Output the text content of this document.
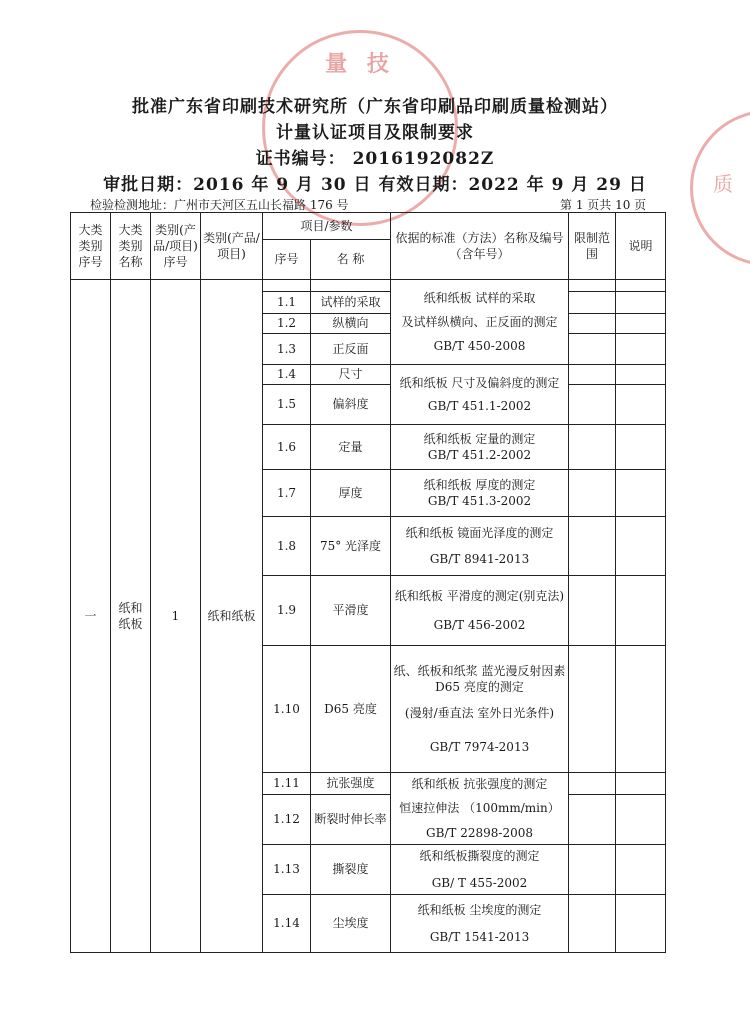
量 技
质
批准广东省印刷技术研究所（广东省印刷品印刷质量检测站）
计量认证项目及限制要求
证书编号： 2016192082Z
审批日期：2016 年 9 月 30 日 有效日期：2022 年 9 月 29 日
检验检测地址：广州市天河区五山长福路 176 号	第 1 页共 10 页
大类类别序号	大类类别名称	类别(产品/项目)序号	类别(产品/项目)	项目/参数		依据的标准（方法）名称及编号（含年号）	限制范围	说明
				序号	名 称			
一	纸和纸板	1	纸和纸板			纸和纸板 试样的采取
及试样纵横向、正反面的测定
GB/T 450-2008		

				1.1	试样的采取			
				1.2	纵横向			
				1.3	正反面			
				1.4	尺寸	纸和纸板 尺寸及偏斜度的测定
GB/T 451.1-2002		

				1.5	偏斜度			
				1.6	定量	纸和纸板 定量的测定
GB/T 451.2-2002		

				1.7	厚度	纸和纸板 厚度的测定
GB/T 451.3-2002		

				1.8	75° 光泽度	纸和纸板 镜面光泽度的测定
GB/T 8941-2013		

				1.9	平滑度	纸和纸板 平滑度的测定(别克法)
GB/T 456-2002		

				1.10	D65 亮度	纸、纸板和纸浆 蓝光漫反射因素 D65 亮度的测定
(漫射/垂直法 室外日光条件)
GB/T 7974-2013		

				1.11	抗张强度	纸和纸板 抗张强度的测定
恒速拉伸法 （100mm/min）
GB/T 22898-2008		

				1.12	断裂时伸长率			
				1.13	撕裂度	纸和纸板撕裂度的测定
GB/ T 455-2002		

				1.14	尘埃度	纸和纸板 尘埃度的测定
GB/T 1541-2013		
